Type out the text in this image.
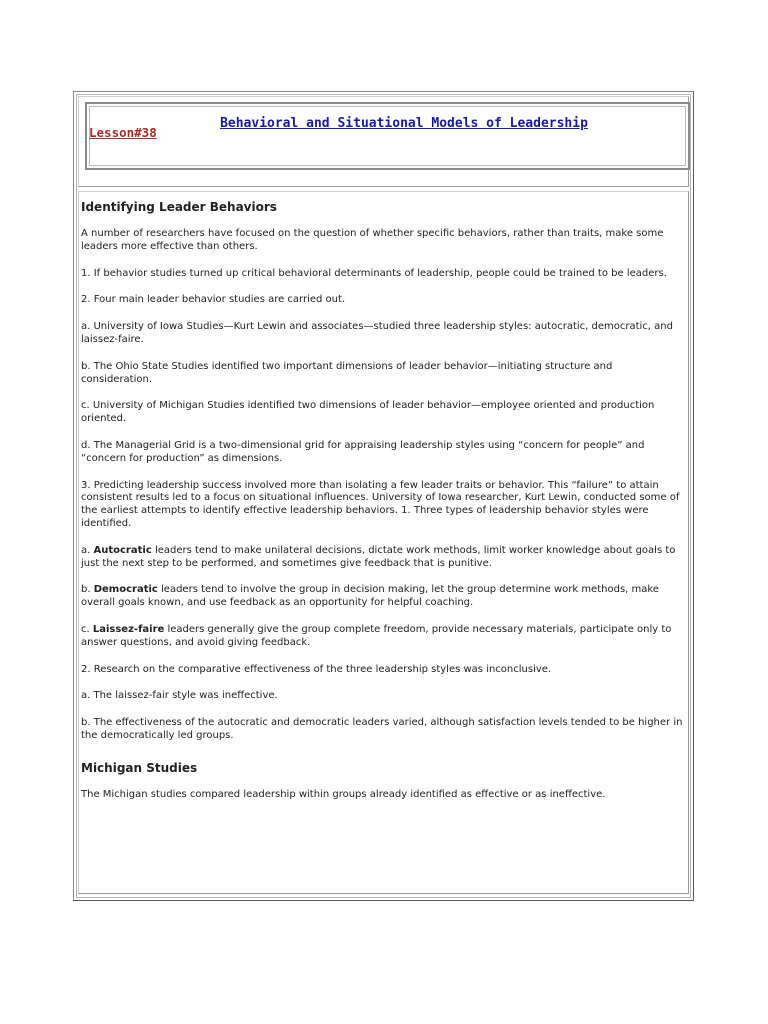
Lesson#38
Behavioral and Situational Models of Leadership
Identifying Leader Behaviors

A number of researchers have focused on the question of whether specific behaviors, rather than traits, make some leaders more effective than others.

1. If behavior studies turned up critical behavioral determinants of leadership, people could be trained to be leaders.

2. Four main leader behavior studies are carried out.

a. University of Iowa Studies—Kurt Lewin and associates—studied three leadership styles: autocratic, democratic, and laissez-faire.

b. The Ohio State Studies identified two important dimensions of leader behavior—initiating structure and consideration.

c. University of Michigan Studies identified two dimensions of leader behavior—employee oriented and production oriented.

d. The Managerial Grid is a two-dimensional grid for appraising leadership styles using “concern for people” and “concern for production” as dimensions.

3. Predicting leadership success involved more than isolating a few leader traits or behavior. This “failure” to attain consistent results led to a focus on situational influences. University of Iowa researcher, Kurt Lewin, conducted some of the earliest attempts to identify effective leadership behaviors. 1. Three types of leadership behavior styles were identified.

a. Autocratic leaders tend to make unilateral decisions, dictate work methods, limit worker knowledge about goals to just the next step to be performed, and sometimes give feedback that is punitive.

b. Democratic leaders tend to involve the group in decision making, let the group determine work methods, make overall goals known, and use feedback as an opportunity for helpful coaching.

c. Laissez-faire leaders generally give the group complete freedom, provide necessary materials, participate only to answer questions, and avoid giving feedback.

2. Research on the comparative effectiveness of the three leadership styles was inconclusive.

a. The laissez-fair style was ineffective.

b. The effectiveness of the autocratic and democratic leaders varied, although satisfaction levels tended to be higher in the democratically led groups.

Michigan Studies

The Michigan studies compared leadership within groups already identified as effective or as ineffective.
